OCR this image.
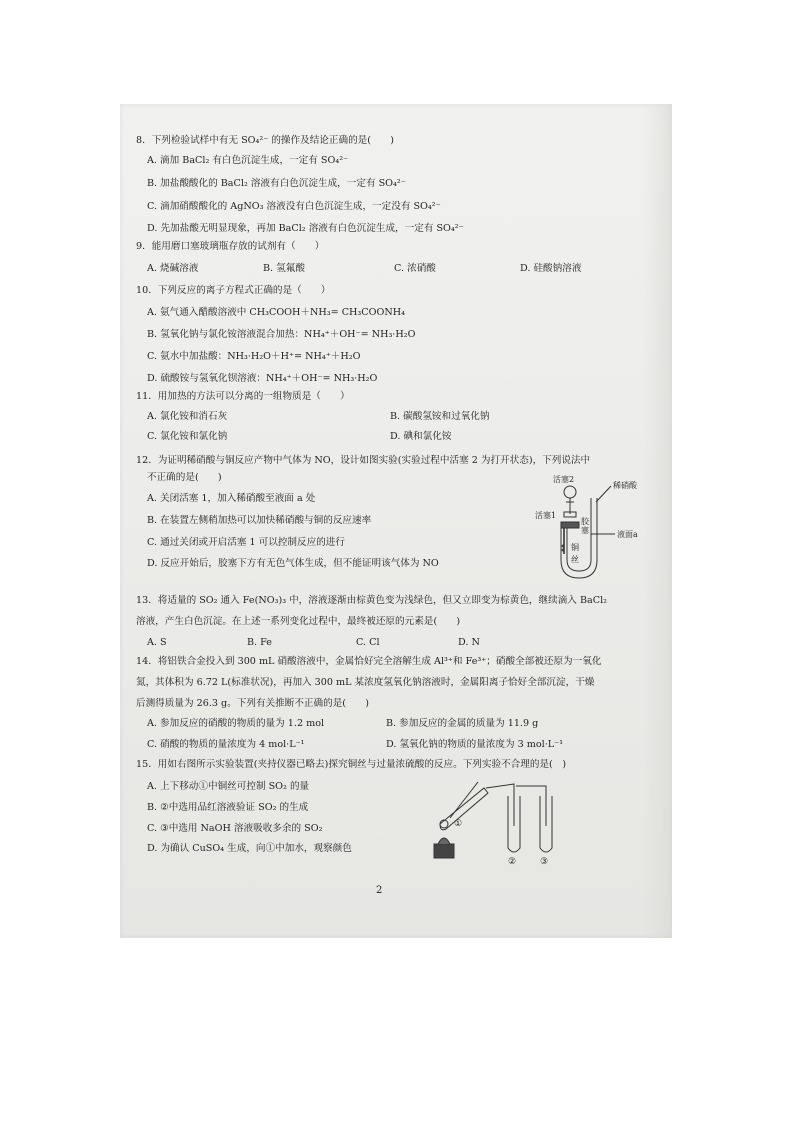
8．下列检验试样中有无 SO₄²⁻ 的操作及结论正确的是(　　)
A. 滴加 BaCl₂ 有白色沉淀生成，一定有 SO₄²⁻
B. 加盐酸酸化的 BaCl₂ 溶液有白色沉淀生成，一定有 SO₄²⁻
C. 滴加硝酸酸化的 AgNO₃ 溶液没有白色沉淀生成，一定没有 SO₄²⁻
D. 先加盐酸无明显现象，再加 BaCl₂ 溶液有白色沉淀生成，一定有 SO₄²⁻
9．能用磨口塞玻璃瓶存放的试剂有（　　）
A. 烧碱溶液	B. 氢氟酸	C. 浓硝酸	D. 硅酸钠溶液
10．下列反应的离子方程式正确的是（　　）
A. 氨气通入醋酸溶液中 CH₃COOH＋NH₃= CH₃COONH₄
B. 氢氧化钠与氯化铵溶液混合加热：NH₄⁺＋OH⁻= NH₃·H₂O
C. 氨水中加盐酸：NH₃·H₂O＋H⁺= NH₄⁺＋H₂O
D. 硫酸铵与氢氧化钡溶液：NH₄⁺＋OH⁻= NH₃·H₂O
11．用加热的方法可以分离的一组物质是（　　）
A. 氯化铵和消石灰	B. 碳酸氢铵和过氧化钠
C. 氯化铵和氯化钠	D. 碘和氯化铵
12．为证明稀硝酸与铜反应产物中气体为 NO，设计如图实验(实验过程中活塞 2 为打开状态)，下列说法中
不正确的是(　　)
A. 关闭活塞 1，加入稀硝酸至液面 a 处
B. 在装置左侧稍加热可以加快稀硝酸与铜的反应速率
C. 通过关闭或开启活塞 1 可以控制反应的进行
D. 反应开始后，胶塞下方有无色气体生成，但不能证明该气体为 NO
活塞2
稀硝酸
活塞1
胶
塞	液面a
铜
丝
13．将适量的 SO₂ 通入 Fe(NO₃)₃ 中，溶液逐渐由棕黄色变为浅绿色，但又立即变为棕黄色，继续滴入 BaCl₂
溶液，产生白色沉淀。在上述一系列变化过程中，最终被还原的元素是(　　)
A. S	B. Fe	C. Cl	D. N
14．将铝铁合金投入到 300 mL 硝酸溶液中，金属恰好完全溶解生成 Al³⁺和 Fe³⁺；硝酸全部被还原为一氧化
氮，其体积为 6.72 L(标准状况)，再加入 300 mL 某浓度氢氧化钠溶液时，金属阳离子恰好全部沉淀，干燥
后测得质量为 26.3 g。下列有关推断不正确的是(　　)
A. 参加反应的硝酸的物质的量为 1.2 mol	B. 参加反应的金属的质量为 11.9 g
C. 硝酸的物质的量浓度为 4 mol·L⁻¹	D. 氢氧化钠的物质的量浓度为 3 mol·L⁻¹
15．用如右图所示实验装置(夹持仪器已略去)探究铜丝与过量浓硫酸的反应。下列实验不合理的是(　)
A. 上下移动①中铜丝可控制 SO₂ 的量
B. ②中选用品红溶液验证 SO₂ 的生成
C. ③中选用 NaOH 溶液吸收多余的 SO₂
D. 为确认 CuSO₄ 生成，向①中加水，观察颜色
①
②	③
2
